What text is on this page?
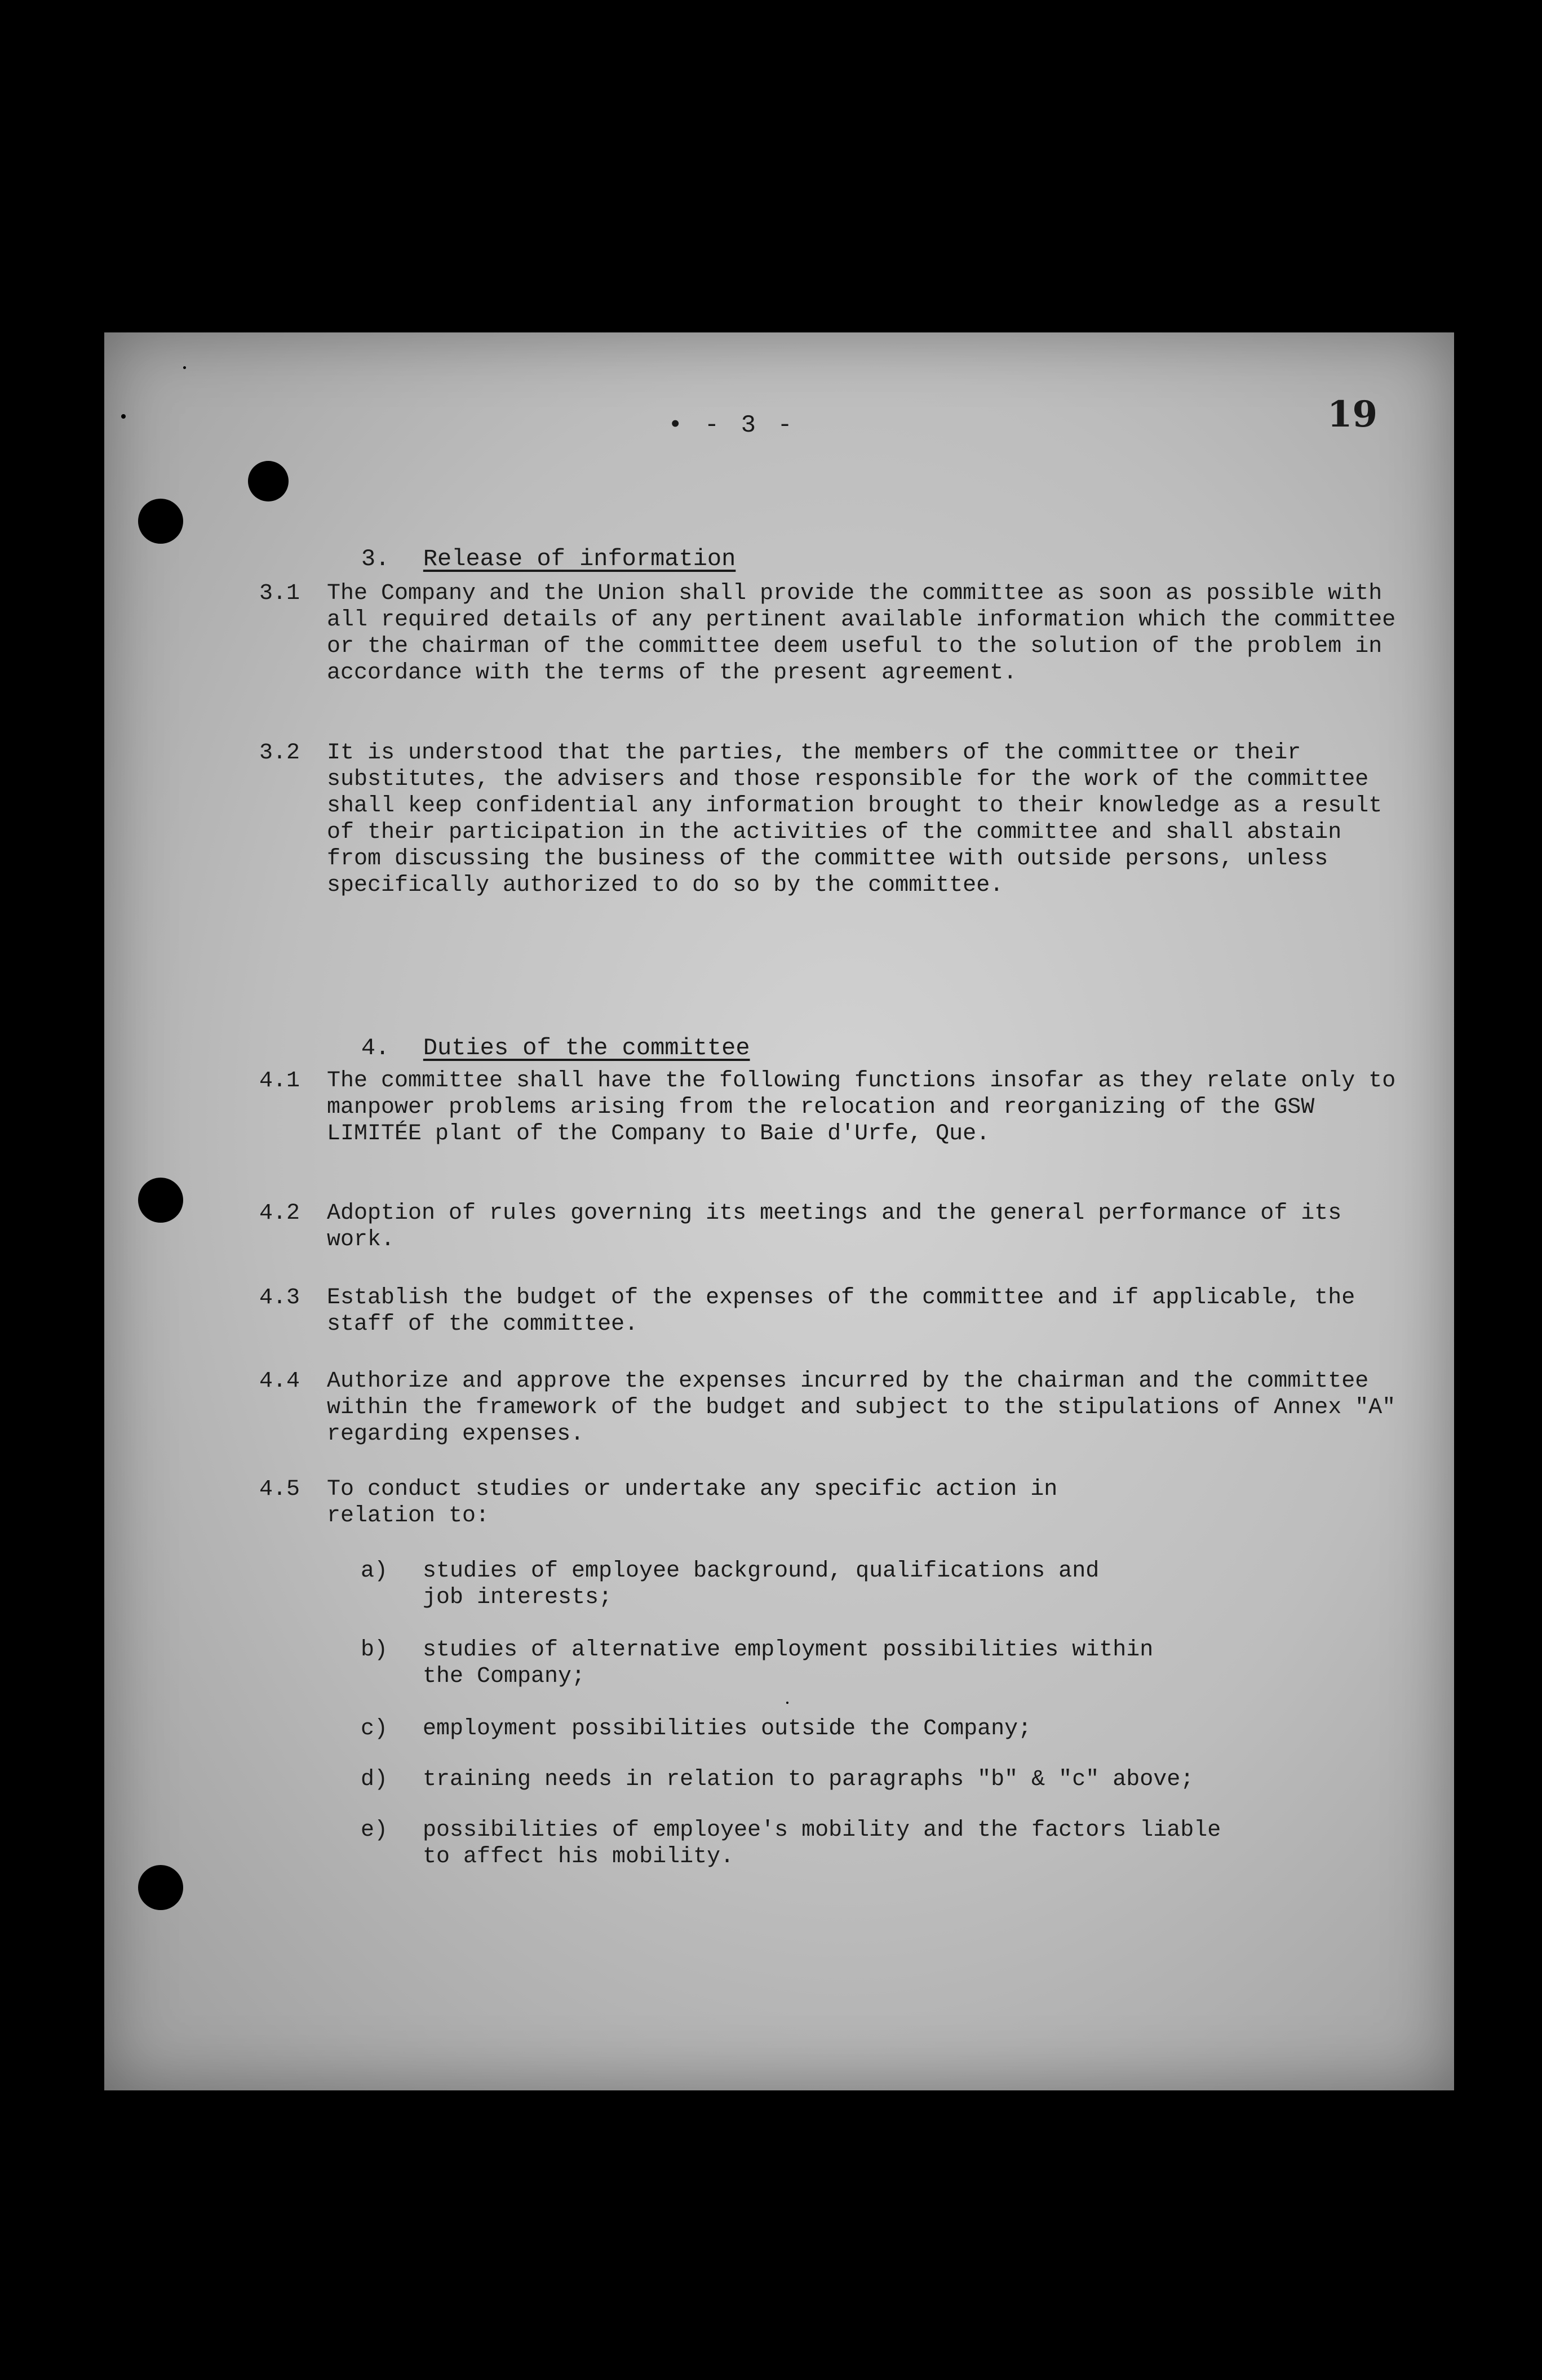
• - 3 -	19

3. Release of information

3.1 The Company and the Union shall provide the committee as soon as possible with all required details of any pertinent available information which the committee or the chairman of the committee deem useful to the solution of the problem in accordance with the terms of the present agreement.
3.2 It is understood that the parties, the members of the committee or their substitutes, the advisers and those responsible for the work of the committee shall keep confidential any information brought to their knowledge as a result of their participation in the activities of the committee and shall abstain from discussing the business of the committee with outside persons, unless specifically authorized to do so by the committee.

4. Duties of the committee

4.1 The committee shall have the following functions insofar as they relate only to manpower problems arising from the relocation and reorganizing of the GSW LIMITÉE plant of the Company to Baie d'Urfe, Que.
4.2 Adoption of rules governing its meetings and the general performance of its work.
4.3 Establish the budget of the expenses of the committee and if applicable, the staff of the committee.
4.4 Authorize and approve the expenses incurred by the chairman and the committee within the framework of the budget and subject to the stipulations of Annex "A" regarding expenses.
4.5 To conduct studies or undertake any specific action in relation to:
a) studies of employee background, qualifications and job interests;
b) studies of alternative employment possibilities within the Company;
c) employment possibilities outside the Company;
d) training needs in relation to paragraphs "b" & "c" above;
e) possibilities of employee's mobility and the factors liable to affect his mobility.
